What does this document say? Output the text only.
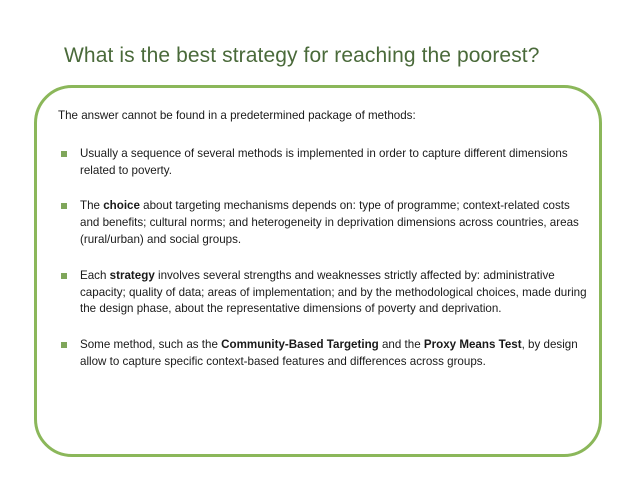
What is the best strategy for reaching the poorest?

The answer cannot be found in a predetermined package of methods:

Usually a sequence of several methods is implemented in order to capture different dimensions related to poverty.
The choice about targeting mechanisms depends on: type of programme; context-related costs and benefits; cultural norms; and heterogeneity in deprivation dimensions across countries, areas (rural/urban) and social groups.
Each strategy involves several strengths and weaknesses strictly affected by: administrative capacity; quality of data; areas of implementation; and by the methodological choices, made during the design phase, about the representative dimensions of poverty and deprivation.
Some method, such as the Community-Based Targeting and the Proxy Means Test, by design allow to capture specific context-based features and differences across groups.
